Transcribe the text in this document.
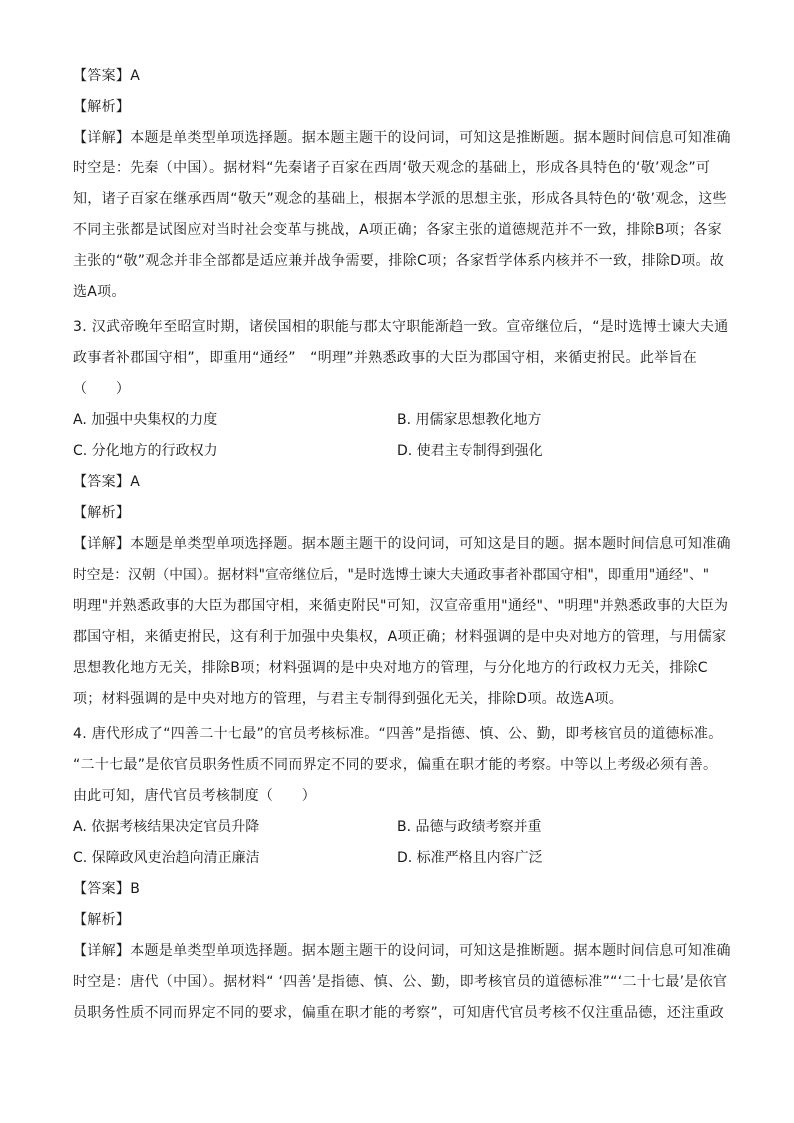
【答案】A
【解析】
【详解】本题是单类型单项选择题。据本题主题干的设问词，可知这是推断题。据本题时间信息可知准确
时空是：先秦（中国）。据材料“先秦诸子百家在西周‘敬天观念的基础上，形成各具特色的‘敬’观念”可
知，诸子百家在继承西周“敬天”观念的基础上，根据本学派的思想主张，形成各具特色的‘敬’观念，这些
不同主张都是试图应对当时社会变革与挑战，A项正确；各家主张的道德规范并不一致，排除B项；各家
主张的“敬”观念并非全部都是适应兼并战争需要，排除C项；各家哲学体系内核并不一致，排除D项。故
选A项。
3. 汉武帝晚年至昭宣时期，诸侯国相的职能与郡太守职能渐趋一致。宣帝继位后，“是时选博士谏大夫通
政事者补郡国守相”，即重用“通经”　“明理”并熟悉政事的大臣为郡国守相，来循吏拊民。此举旨在
（　　）
A. 加强中央集权的力度	B. 用儒家思想教化地方
C. 分化地方的行政权力	D. 使君主专制得到强化
【答案】A
【解析】
【详解】本题是单类型单项选择题。据本题主题干的设问词，可知这是目的题。据本题时间信息可知准确
时空是：汉朝（中国）。据材料"宣帝继位后，"是时选博士谏大夫通政事者补郡国守相"，即重用"通经"、"
明理"并熟悉政事的大臣为郡国守相，来循吏附民"可知，汉宣帝重用"通经"、"明理"并熟悉政事的大臣为
郡国守相，来循吏拊民，这有利于加强中央集权，A项正确；材料强调的是中央对地方的管理，与用儒家
思想教化地方无关，排除B项；材料强调的是中央对地方的管理，与分化地方的行政权力无关，排除C
项；材料强调的是中央对地方的管理，与君主专制得到强化无关，排除D项。故选A项。
4. 唐代形成了“四善二十七最”的官员考核标准。“四善”是指德、慎、公、勤，即考核官员的道德标准。
“二十七最”是依官员职务性质不同而界定不同的要求，偏重在职才能的考察。中等以上考级必须有善。
由此可知，唐代官员考核制度（　　）
A. 依据考核结果决定官员升降	B. 品德与政绩考察并重
C. 保障政风吏治趋向清正廉洁	D. 标准严格且内容广泛
【答案】B
【解析】
【详解】本题是单类型单项选择题。据本题主题干的设问词，可知这是推断题。据本题时间信息可知准确
时空是：唐代（中国）。据材料“ ‘四善’是指德、慎、公、勤，即考核官员的道德标准”“‘二十七最’是依官
员职务性质不同而界定不同的要求，偏重在职才能的考察”，可知唐代官员考核不仅注重品德，还注重政
